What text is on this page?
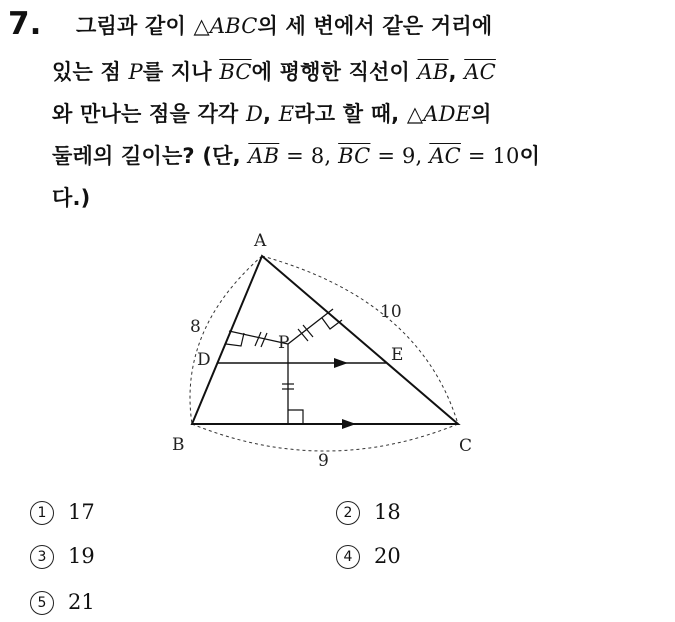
7. 그림과 같이 △ABC의 세 변에서 같은 거리에
있는 점 P를 지나 $\overline{BC}$에 평행한 직선이 $\overline{AB}$, $\overline{AC}$
와 만나는 점을 각각 D, E라고 할 때, △ADE의
둘레의 길이는? (단, $\overline{AB} = 8$, $\overline{BC} = 9$, $\overline{AC} = 10$이
다.)
A
B	C
D	E
P
8
10
9
1 17	2 18
3 19	4 20
5 21
